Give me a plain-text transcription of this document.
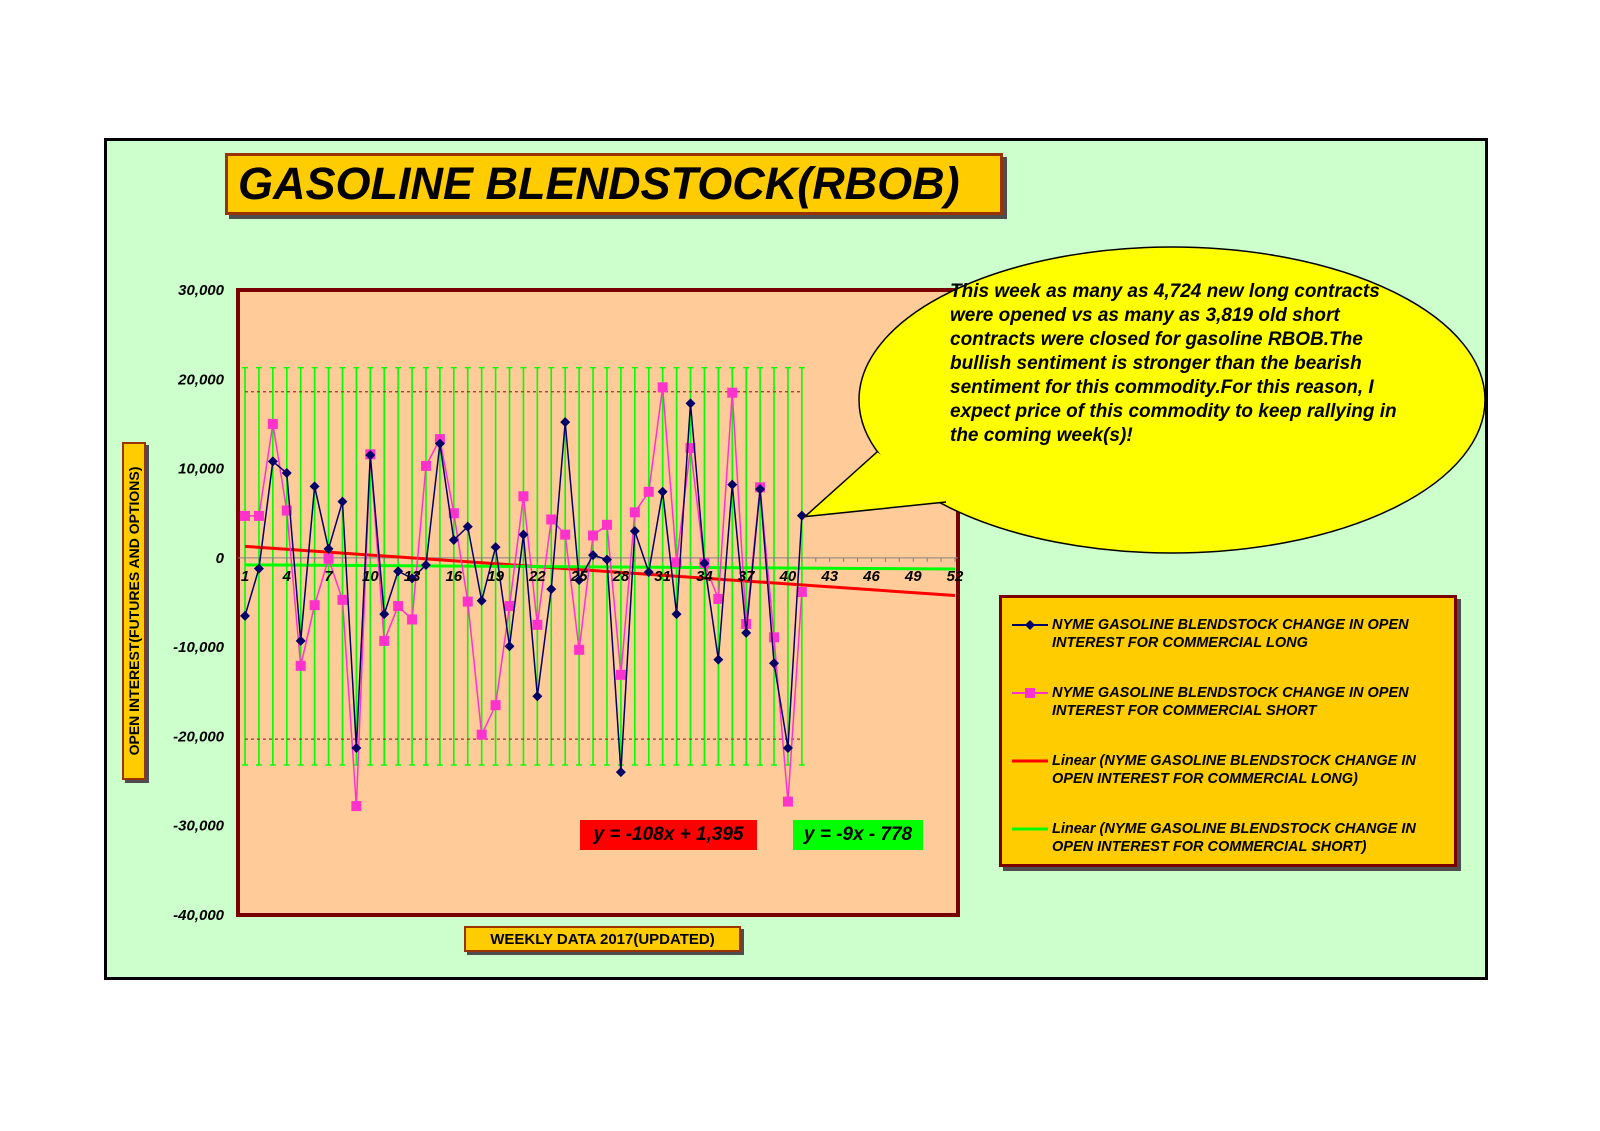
1 4 7 10 13 16 19 22 25 28 31 34 37 40 43 46 49 52
30,000
20,000
10,000
0
-10,000
-20,000
-30,000
-40,000
GASOLINE BLENDSTOCK(RBOB)
OPEN INTEREST(FUTURES AND OPTIONS)
WEEKLY DATA 2017(UPDATED)
This week as many as 4,724 new long contracts were opened vs as many as 3,819 old short contracts were closed for gasoline RBOB.The bullish sentiment is stronger than the bearish sentiment for this commodity.For this reason, I expect price of this commodity to keep rallying in the coming week(s)!
y = -108x + 1,395	y = -9x - 778
NYME GASOLINE BLENDSTOCK CHANGE IN OPEN INTEREST FOR COMMERCIAL LONG
NYME GASOLINE BLENDSTOCK CHANGE IN OPEN INTEREST FOR COMMERCIAL SHORT
Linear (NYME GASOLINE BLENDSTOCK CHANGE IN OPEN INTEREST FOR COMMERCIAL LONG)
Linear (NYME GASOLINE BLENDSTOCK CHANGE IN OPEN INTEREST FOR COMMERCIAL SHORT)
